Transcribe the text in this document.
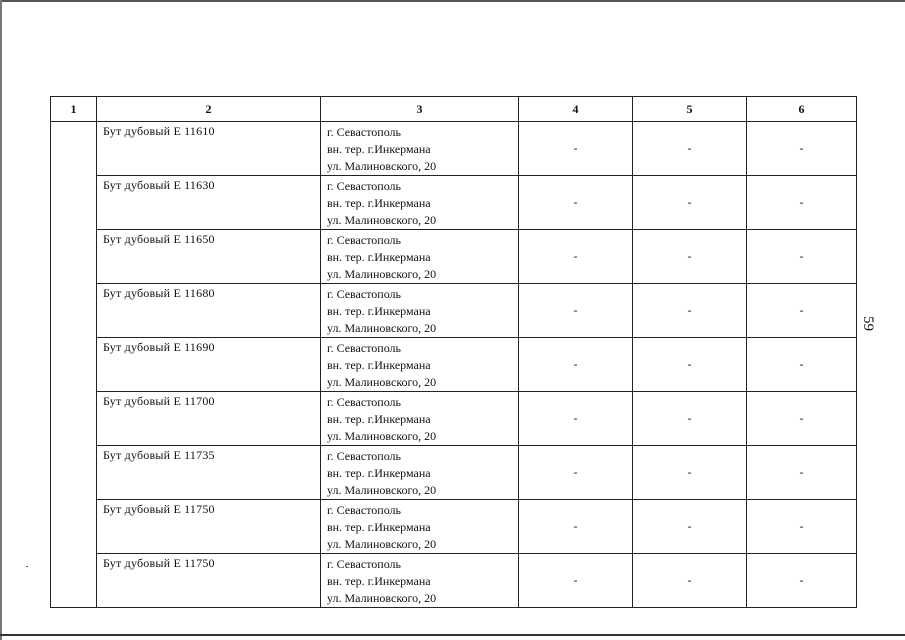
59
1	2	3	4	5	6
	Бут дубовый Е 11610	г. Севастополь
вн. тер. г.Инкермана
ул. Малиновского, 20	-	-	-
	Бут дубовый Е 11630	г. Севастополь
вн. тер. г.Инкермана
ул. Малиновского, 20	-	-	-
	Бут дубовый Е 11650	г. Севастополь
вн. тер. г.Инкермана
ул. Малиновского, 20	-	-	-
	Бут дубовый Е 11680	г. Севастополь
вн. тер. г.Инкермана
ул. Малиновского, 20	-	-	-
	Бут дубовый Е 11690	г. Севастополь
вн. тер. г.Инкермана
ул. Малиновского, 20	-	-	-
	Бут дубовый Е 11700	г. Севастополь
вн. тер. г.Инкермана
ул. Малиновского, 20	-	-	-
	Бут дубовый Е 11735	г. Севастополь
вн. тер. г.Инкермана
ул. Малиновского, 20	-	-	-
	Бут дубовый Е 11750	г. Севастополь
вн. тер. г.Инкермана
ул. Малиновского, 20	-	-	-
	Бут дубовый Е 11750	г. Севастополь
вн. тер. г.Инкермана
ул. Малиновского, 20	-	-	-
